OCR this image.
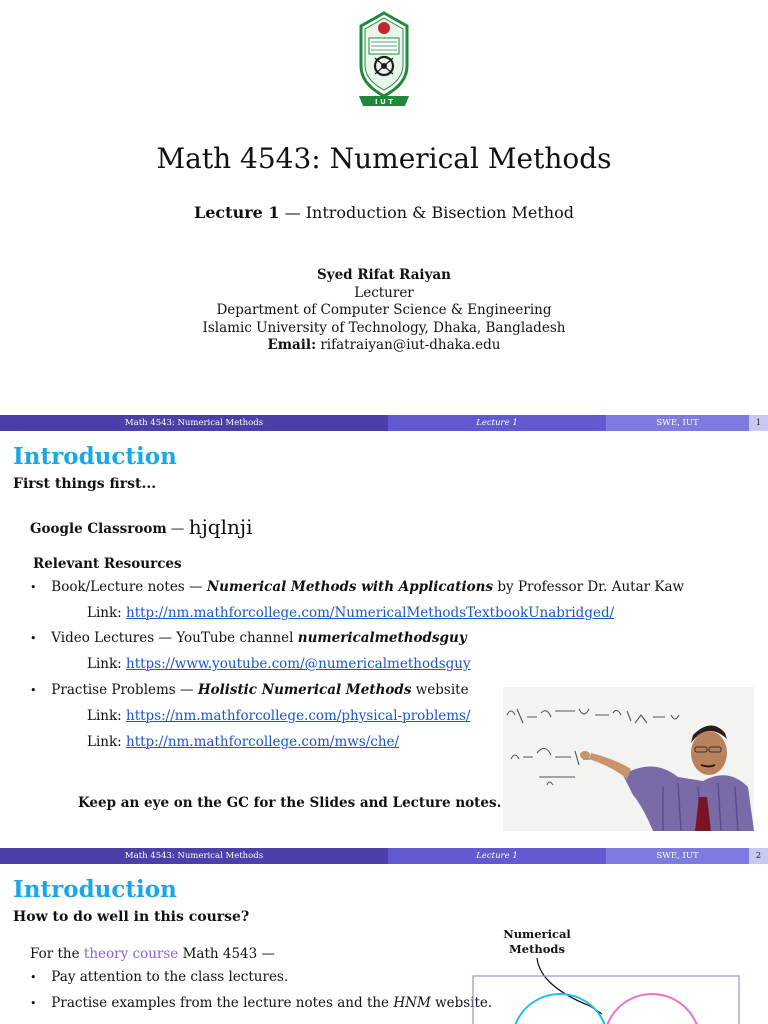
I U T
Math 4543: Numerical Methods
Lecture 1 — Introduction & Bisection Method
Syed Rifat Raiyan
Lecturer
Department of Computer Science & Engineering
Islamic University of Technology, Dhaka, Bangladesh
Email: rifatraiyan@iut-dhaka.edu
Math 4543: Numerical Methods	Lecture 1	SWE, IUT	1
Introduction
First things first...
Google Classroom — hjqlnji
Relevant Resources
• Book/Lecture notes — Numerical Methods with Applications by Professor Dr. Autar Kaw
Link: http://nm.mathforcollege.com/NumericalMethodsTextbookUnabridged/
• Video Lectures — YouTube channel numericalmethodsguy
Link: https://www.youtube.com/@numericalmethodsguy
• Practise Problems — Holistic Numerical Methods website
Link: https://nm.mathforcollege.com/physical-problems/
Link: http://nm.mathforcollege.com/mws/che/
Keep an eye on the GC for the Slides and Lecture notes.
Math 4543: Numerical Methods	Lecture 1	SWE, IUT	2
Introduction
How to do well in this course?
For the theory course Math 4543 —
• Pay attention to the class lectures.
• Practise examples from the lecture notes and the HNM website.
Numerical
Methods
